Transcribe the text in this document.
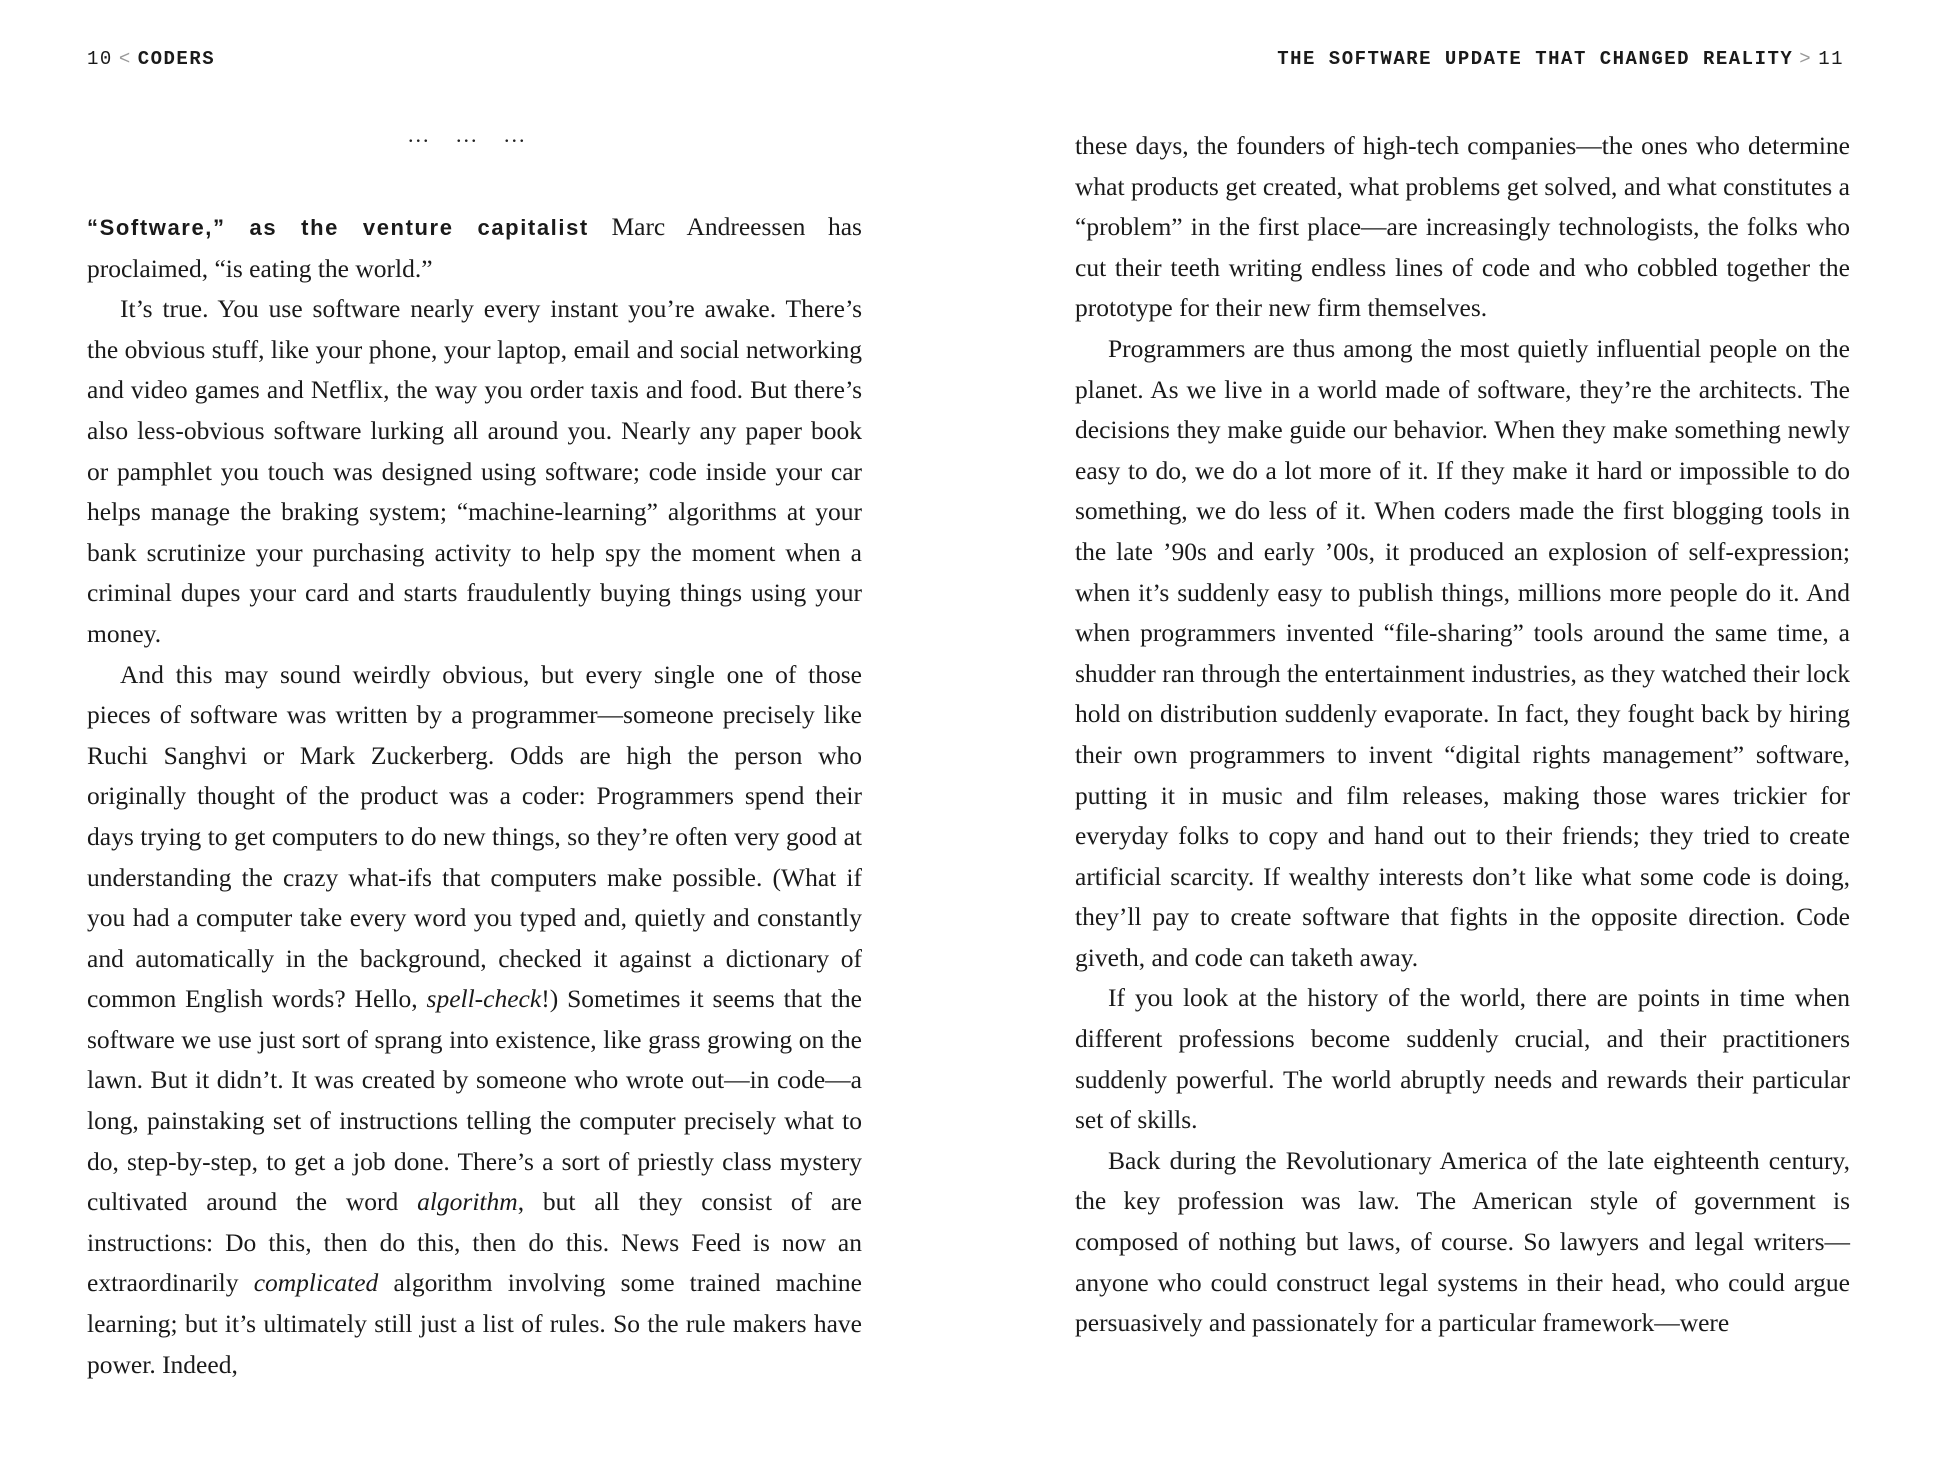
10 < CODERS
... ... ...

“Software,” as the venture capitalist Marc Andreessen has proclaimed, “is eating the world.”

It’s true. You use software nearly every instant you’re awake. There’s the obvious stuff, like your phone, your laptop, email and social networking and video games and Netflix, the way you order taxis and food. But there’s also less-obvious software lurking all around you. Nearly any paper book or pamphlet you touch was designed using software; code inside your car helps manage the braking system; “machine-learning” algorithms at your bank scrutinize your purchasing activity to help spy the moment when a criminal dupes your card and starts fraudulently buying things using your money.

And this may sound weirdly obvious, but every single one of those pieces of software was written by a programmer—someone precisely like Ruchi Sanghvi or Mark Zuckerberg. Odds are high the person who originally thought of the product was a coder: Programmers spend their days trying to get computers to do new things, so they’re often very good at understanding the crazy what-ifs that computers make possible. (What if you had a computer take every word you typed and, quietly and constantly and automatically in the background, checked it against a dictionary of common English words? Hello, spell-check!) Sometimes it seems that the software we use just sort of sprang into existence, like grass growing on the lawn. But it didn’t. It was created by someone who wrote out—in code—a long, painstaking set of instructions telling the computer precisely what to do, step-by-step, to get a job done. There’s a sort of priestly class mystery cultivated around the word algorithm, but all they consist of are instructions: Do this, then do this, then do this. News Feed is now an extraordinarily complicated algorithm involving some trained machine learning; but it’s ultimately still just a list of rules. So the rule makers have power. Indeed,

THE SOFTWARE UPDATE THAT CHANGED REALITY > 11

these days, the founders of high-tech companies—the ones who determine what products get created, what problems get solved, and what constitutes a “problem” in the first place—are increasingly technologists, the folks who cut their teeth writing endless lines of code and who cobbled together the prototype for their new firm themselves.

Programmers are thus among the most quietly influential people on the planet. As we live in a world made of software, they’re the architects. The decisions they make guide our behavior. When they make something newly easy to do, we do a lot more of it. If they make it hard or impossible to do something, we do less of it. When coders made the first blogging tools in the late ’90s and early ’00s, it produced an explosion of self-expression; when it’s suddenly easy to publish things, millions more people do it. And when programmers invented “file-sharing” tools around the same time, a shudder ran through the entertainment industries, as they watched their lock hold on distribution suddenly evaporate. In fact, they fought back by hiring their own programmers to invent “digital rights management” software, putting it in music and film releases, making those wares trickier for everyday folks to copy and hand out to their friends; they tried to create artificial scarcity. If wealthy interests don’t like what some code is doing, they’ll pay to create software that fights in the opposite direction. Code giveth, and code can taketh away.

If you look at the history of the world, there are points in time when different professions become suddenly crucial, and their practitioners suddenly powerful. The world abruptly needs and rewards their particular set of skills.

Back during the Revolutionary America of the late eighteenth century, the key profession was law. The American style of government is composed of nothing but laws, of course. So lawyers and legal writers—anyone who could construct legal systems in their head, who could argue persuasively and passionately for a particular framework—were
